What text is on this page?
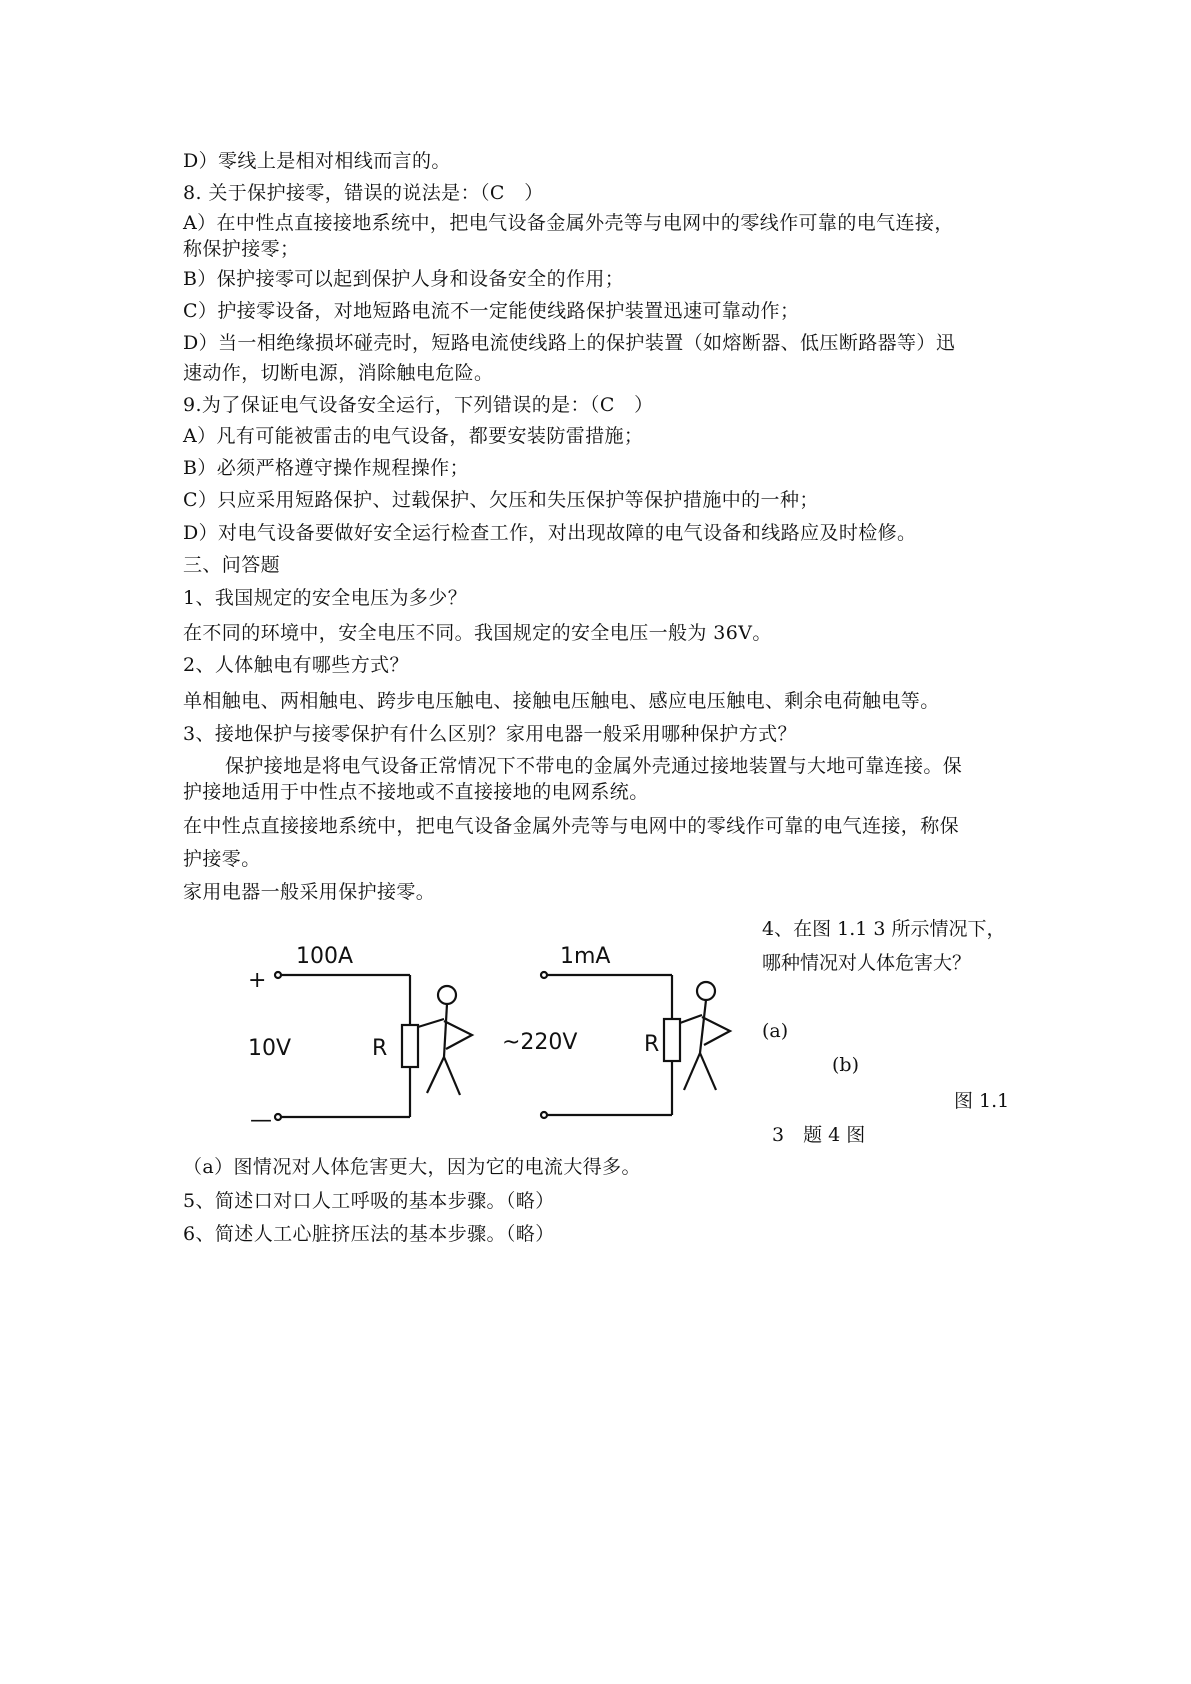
D）零线上是相对相线而言的。
8. 关于保护接零，错误的说法是：（C　）
A）在中性点直接接地系统中，把电气设备金属外壳等与电网中的零线作可靠的电气连接，
称保护接零；
B）保护接零可以起到保护人身和设备安全的作用；
C）护接零设备，对地短路电流不一定能使线路保护装置迅速可靠动作；
D）当一相绝缘损坏碰壳时，短路电流使线路上的保护装置（如熔断器、低压断路器等）迅
速动作，切断电源，消除触电危险。
9.为了保证电气设备安全运行，下列错误的是：（C　）
A）凡有可能被雷击的电气设备，都要安装防雷措施；
B）必须严格遵守操作规程操作；
C）只应采用短路保护、过载保护、欠压和失压保护等保护措施中的一种；
D）对电气设备要做好安全运行检查工作，对出现故障的电气设备和线路应及时检修。
三、问答题
1、我国规定的安全电压为多少？
在不同的环境中，安全电压不同。我国规定的安全电压一般为 36V。
2、人体触电有哪些方式？
单相触电、两相触电、跨步电压触电、接触电压触电、感应电压触电、剩余电荷触电等。
3、接地保护与接零保护有什么区别？家用电器一般采用哪种保护方式？
保护接地是将电气设备正常情况下不带电的金属外壳通过接地装置与大地可靠连接。保
护接地适用于中性点不接地或不直接接地的电网系统。
在中性点直接接地系统中，把电气设备金属外壳等与电网中的零线作可靠的电气连接，称保
护接零。
家用电器一般采用保护接零。
4、在图 1.1 3 所示情况下，
哪种情况对人体危害大？
(a)
(b)
图 1.1
3　题 4 图
+
—
100A
10V	R
1mA
~220V	R
（a）图情况对人体危害更大，因为它的电流大得多。
5、简述口对口人工呼吸的基本步骤。（略）
6、简述人工心脏挤压法的基本步骤。（略）
